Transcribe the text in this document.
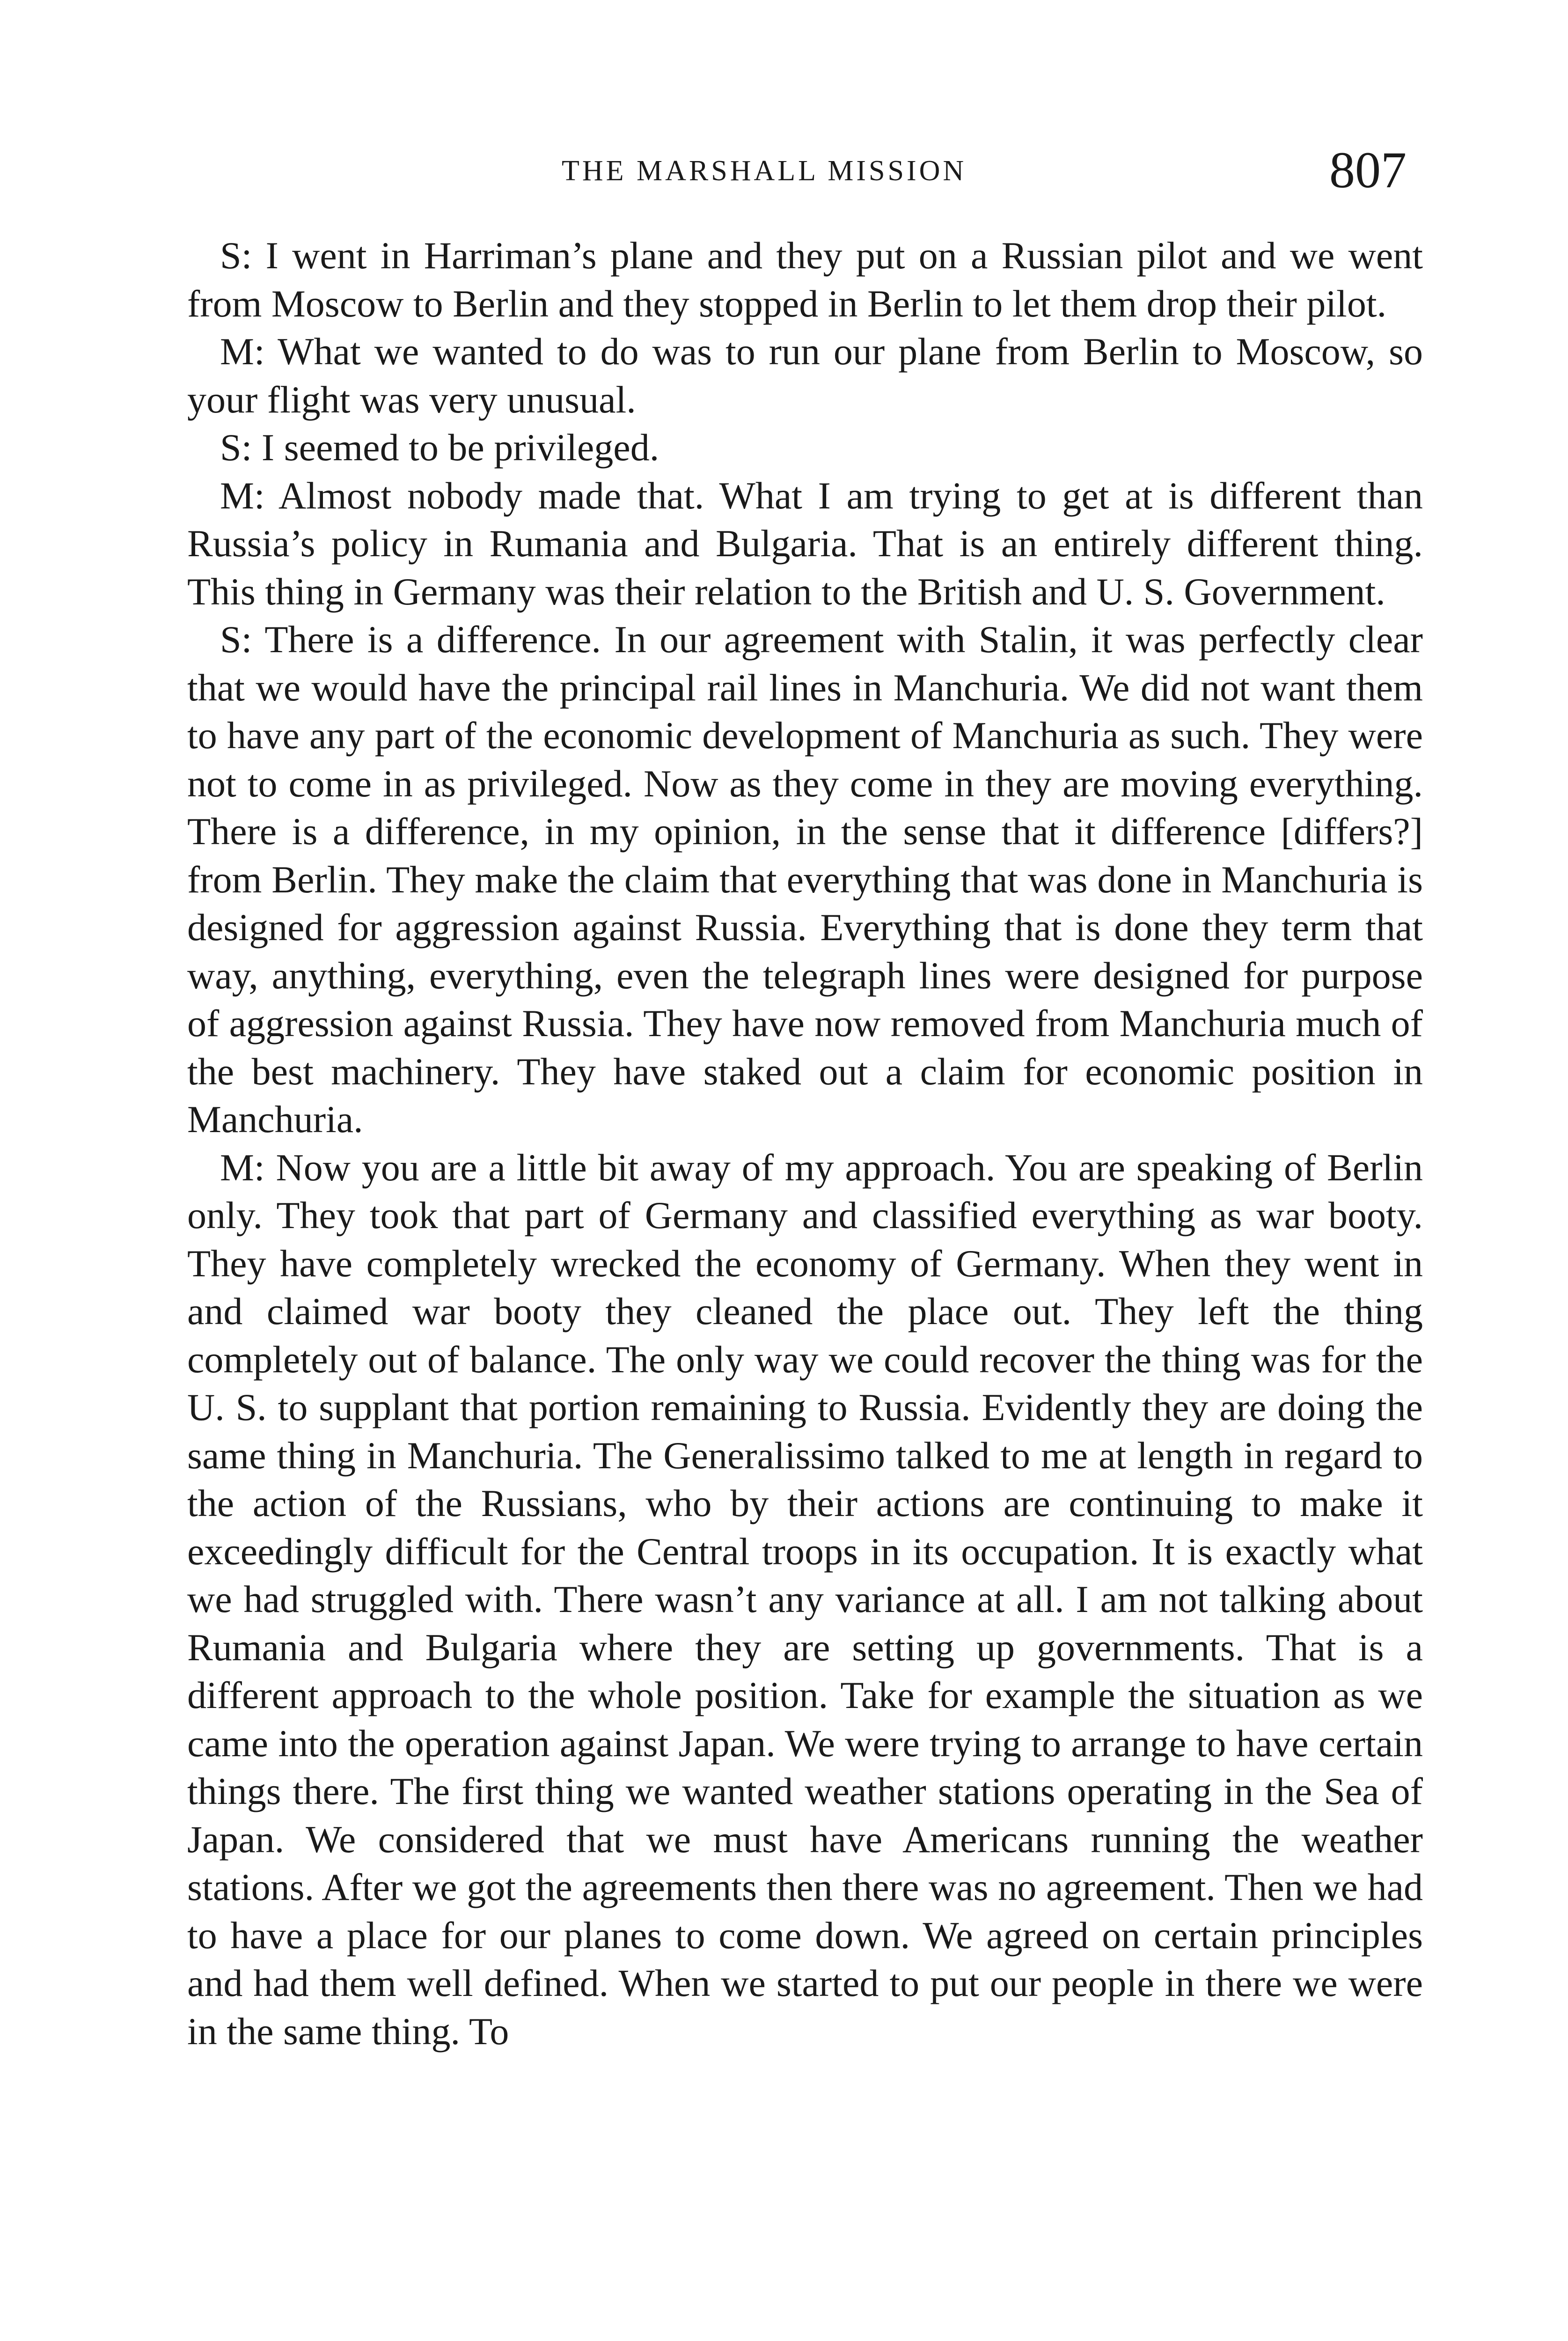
THE MARSHALL MISSION	807

S: I went in Harriman’s plane and they put on a Russian pilot and we went from Moscow to Berlin and they stopped in Berlin to let them drop their pilot.

M: What we wanted to do was to run our plane from Berlin to Moscow, so your flight was very unusual.

S: I seemed to be privileged.

M: Almost nobody made that. What I am trying to get at is different than Russia’s policy in Rumania and Bulgaria. That is an entirely different thing. This thing in Germany was their relation to the British and U. S. Government.

S: There is a difference. In our agreement with Stalin, it was perfectly clear that we would have the principal rail lines in Manchuria. We did not want them to have any part of the economic development of Manchuria as such. They were not to come in as privileged. Now as they come in they are moving everything. There is a difference, in my opinion, in the sense that it difference [differs?] from Berlin. They make the claim that everything that was done in Manchuria is designed for aggression against Russia. Everything that is done they term that way, anything, everything, even the telegraph lines were designed for purpose of aggression against Russia. They have now removed from Manchuria much of the best machinery. They have staked out a claim for economic position in Manchuria.

M: Now you are a little bit away of my approach. You are speaking of Berlin only. They took that part of Germany and classified everything as war booty. They have completely wrecked the economy of Germany. When they went in and claimed war booty they cleaned the place out. They left the thing completely out of balance. The only way we could recover the thing was for the U. S. to supplant that portion remaining to Russia. Evidently they are doing the same thing in Manchuria. The Generalissimo talked to me at length in regard to the action of the Russians, who by their actions are continuing to make it exceedingly difficult for the Central troops in its occupation. It is exactly what we had struggled with. There wasn’t any variance at all. I am not talking about Rumania and Bulgaria where they are setting up governments. That is a different approach to the whole position. Take for example the situation as we came into the operation against Japan. We were trying to arrange to have certain things there. The first thing we wanted weather stations operating in the Sea of Japan. We considered that we must have Americans running the weather stations. After we got the agreements then there was no agreement. Then we had to have a place for our planes to come down. We agreed on certain principles and had them well defined. When we started to put our people in there we were in the same thing. To
